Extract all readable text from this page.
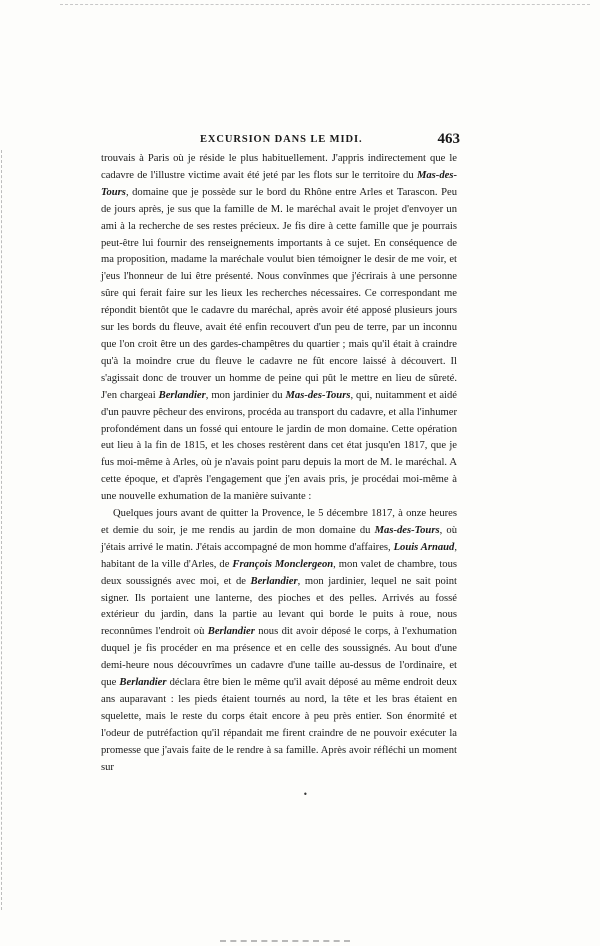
EXCURSION DANS LE MIDI.	463

trouvais à Paris où je réside le plus habituellement. J'appris indirectement que le cadavre de l'illustre victime avait été jeté par les flots sur le territoire du Mas-des-Tours, domaine que je possède sur le bord du Rhône entre Arles et Tarascon. Peu de jours après, je sus que la famille de M. le maréchal avait le projet d'envoyer un ami à la recherche de ses restes précieux. Je fis dire à cette famille que je pourrais peut-être lui fournir des renseignements importants à ce sujet. En conséquence de ma proposition, madame la maréchale voulut bien témoigner le desir de me voir, et j'eus l'honneur de lui être présenté. Nous convînmes que j'écrirais à une personne sûre qui ferait faire sur les lieux les recherches nécessaires. Ce correspondant me répondit bientôt que le cadavre du maréchal, après avoir été apposé plusieurs jours sur les bords du fleuve, avait été enfin recouvert d'un peu de terre, par un inconnu que l'on croit être un des gardes-champêtres du quartier ; mais qu'il était à craindre qu'à la moindre crue du fleuve le cadavre ne fût encore laissé à découvert. Il s'agissait donc de trouver un homme de peine qui pût le mettre en lieu de sûreté. J'en chargeai Berlandier, mon jardinier du Mas-des-Tours, qui, nuitamment et aidé d'un pauvre pêcheur des environs, procéda au transport du cadavre, et alla l'inhumer profondément dans un fossé qui entoure le jardin de mon domaine. Cette opération eut lieu à la fin de 1815, et les choses restèrent dans cet état jusqu'en 1817, que je fus moi-même à Arles, où je n'avais point paru depuis la mort de M. le maréchal. A cette époque, et d'après l'engagement que j'en avais pris, je procédai moi-même à une nouvelle exhumation de la manière suivante :

Quelques jours avant de quitter la Provence, le 5 décembre 1817, à onze heures et demie du soir, je me rendis au jardin de mon domaine du Mas-des-Tours, où j'étais arrivé le matin. J'étais accompagné de mon homme d'affaires, Louis Arnaud, habitant de la ville d'Arles, de François Monclergeon, mon valet de chambre, tous deux soussignés avec moi, et de Berlandier, mon jardinier, lequel ne sait point signer. Ils portaient une lanterne, des pioches et des pelles. Arrivés au fossé extérieur du jardin, dans la partie au levant qui borde le puits à roue, nous reconnûmes l'endroit où Berlandier nous dit avoir déposé le corps, à l'exhumation duquel je fis procéder en ma présence et en celle des soussignés. Au bout d'une demi-heure nous découvrîmes un cadavre d'une taille au-dessus de l'ordinaire, et que Berlandier déclara être bien le même qu'il avait déposé au même endroit deux ans auparavant : les pieds étaient tournés au nord, la tête et les bras étaient en squelette, mais le reste du corps était encore à peu près entier. Son énormité et l'odeur de putréfaction qu'il répandait me firent craindre de ne pouvoir exécuter la promesse que j'avais faite de le rendre à sa famille. Après avoir réfléchi un moment sur

•
